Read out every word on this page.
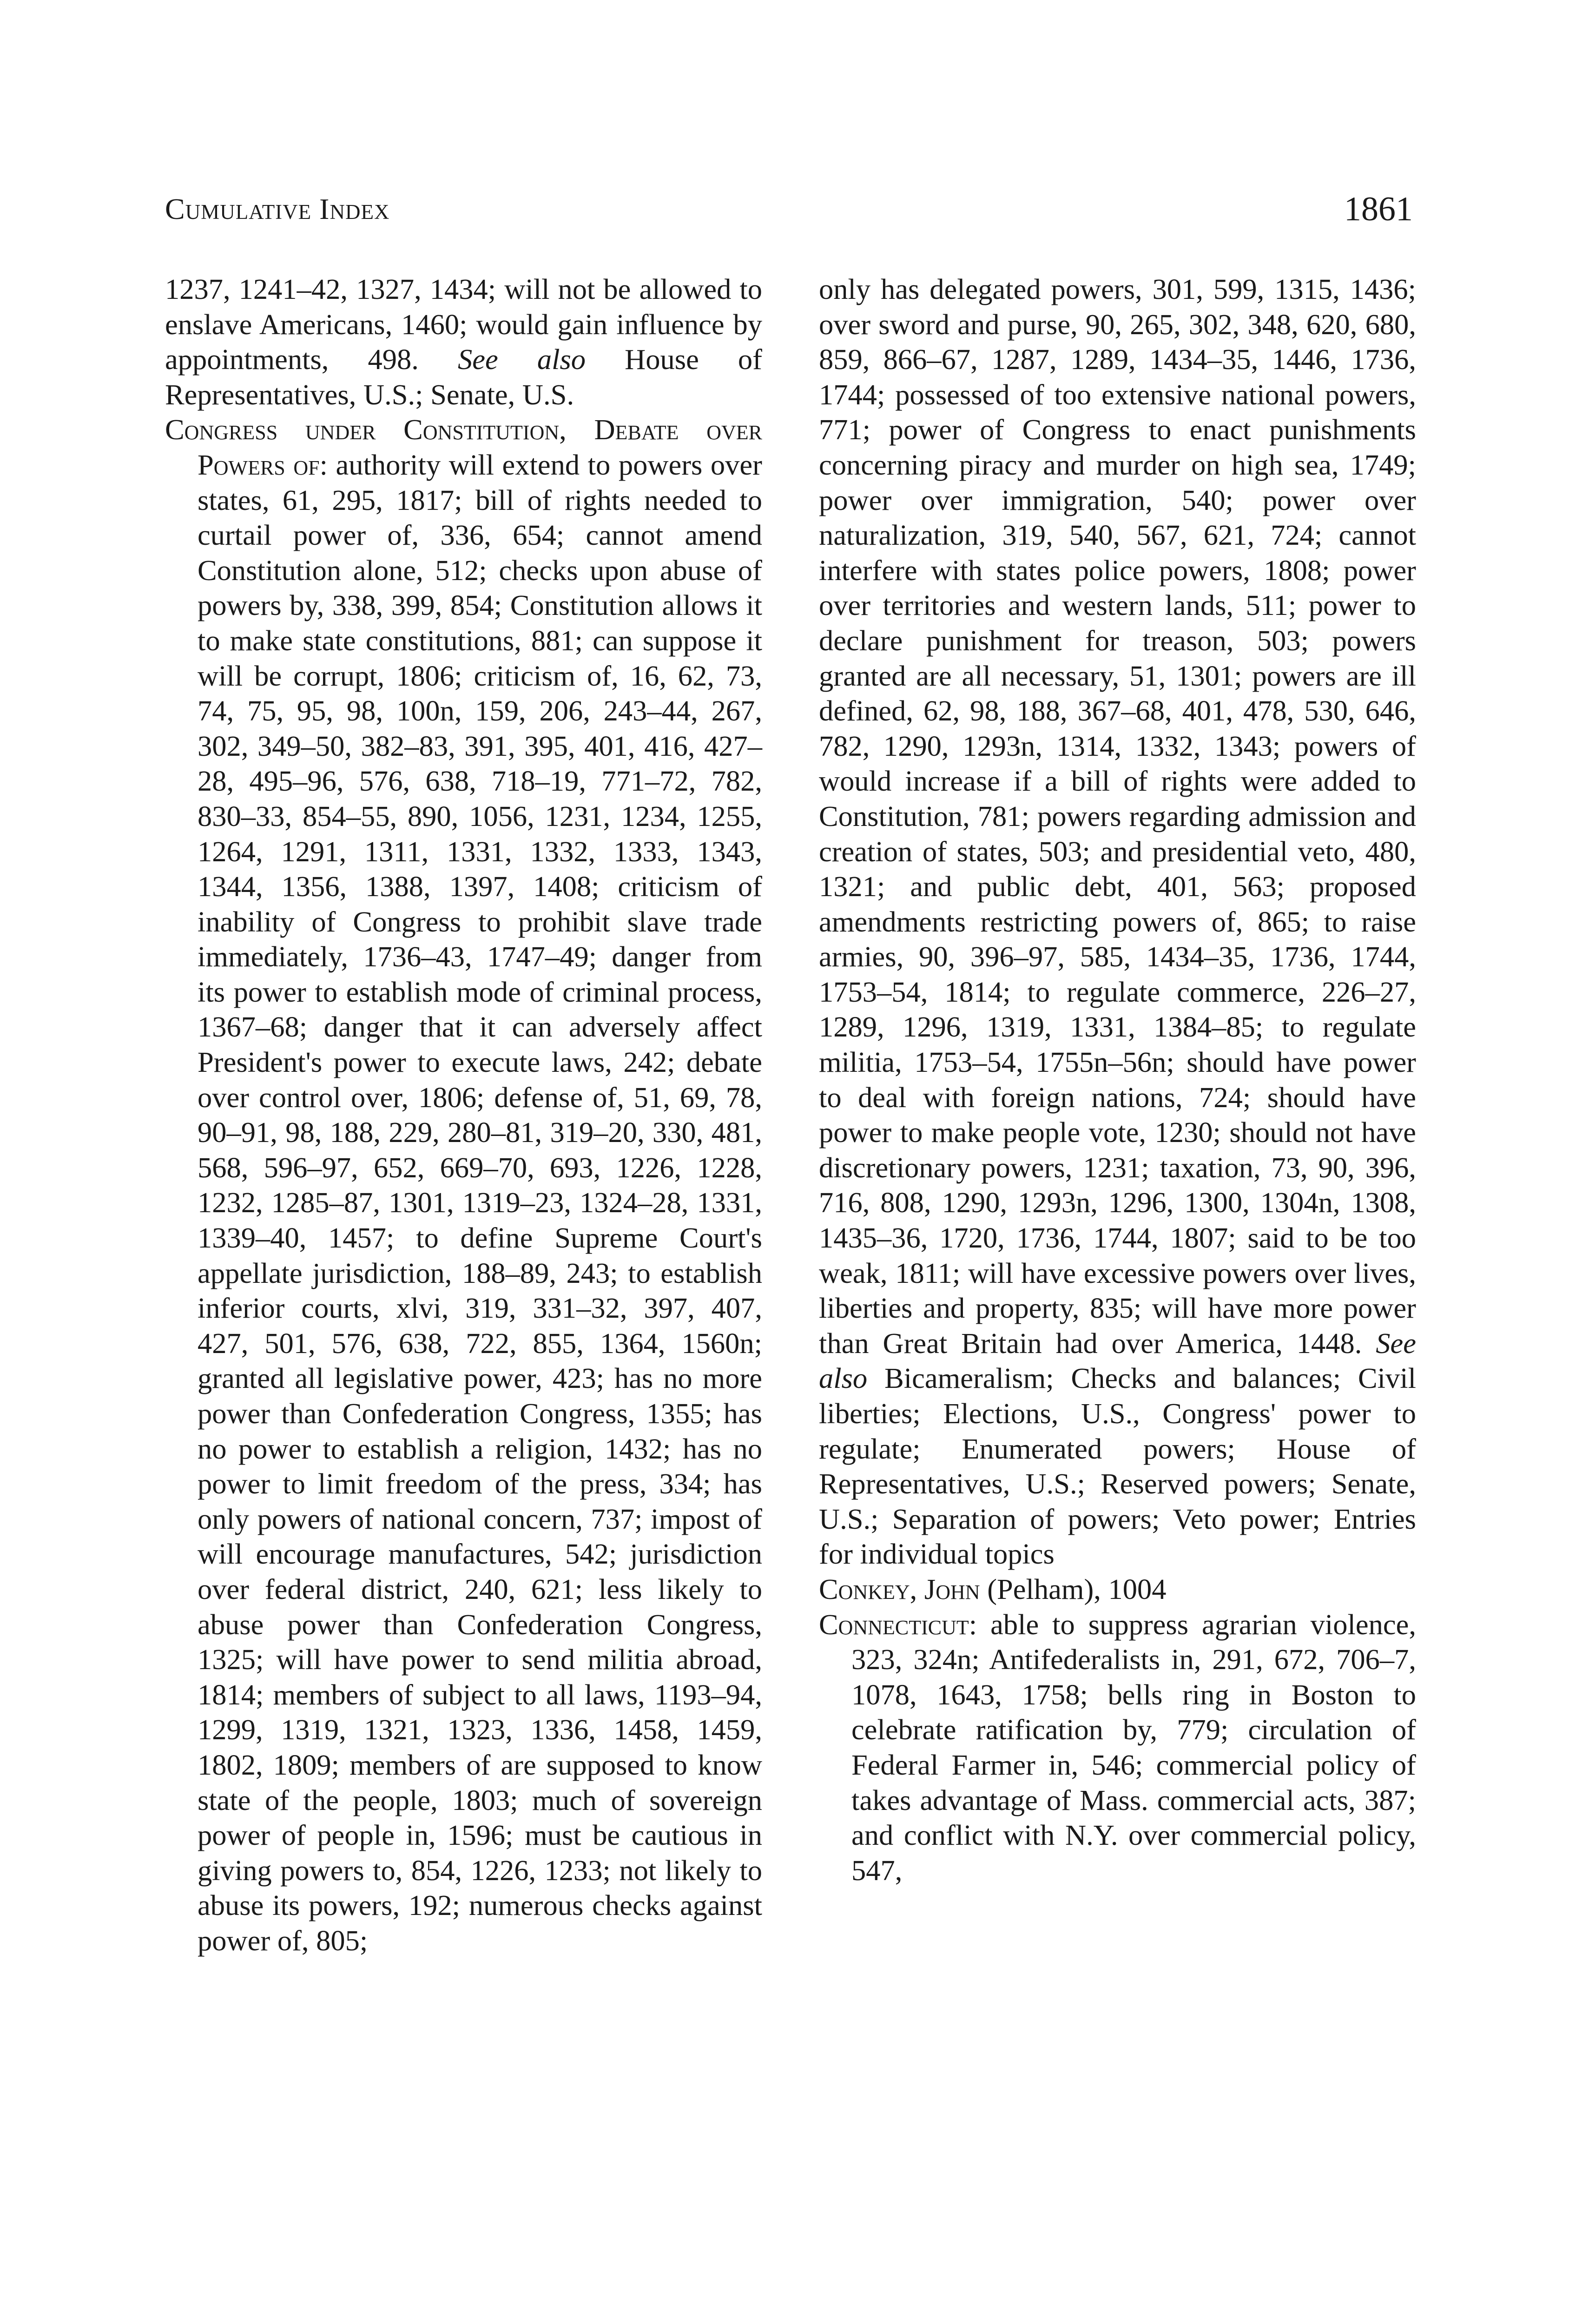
Cumulative Index	1861

1237, 1241–42, 1327, 1434; will not be allowed to enslave Americans, 1460; would gain influence by appointments, 498. See also House of Representatives, U.S.; Senate, U.S.

Congress under Constitution, Debate over Powers of: authority will extend to powers over states, 61, 295, 1817; bill of rights needed to curtail power of, 336, 654; cannot amend Constitution alone, 512; checks upon abuse of powers by, 338, 399, 854; Constitution allows it to make state constitutions, 881; can suppose it will be corrupt, 1806; criticism of, 16, 62, 73, 74, 75, 95, 98, 100n, 159, 206, 243–44, 267, 302, 349–50, 382–83, 391, 395, 401, 416, 427–28, 495–96, 576, 638, 718–19, 771–72, 782, 830–33, 854–55, 890, 1056, 1231, 1234, 1255, 1264, 1291, 1311, 1331, 1332, 1333, 1343, 1344, 1356, 1388, 1397, 1408; criticism of inability of Congress to prohibit slave trade immediately, 1736–43, 1747–49; danger from its power to establish mode of criminal process, 1367–68; danger that it can adversely affect President's power to execute laws, 242; debate over control over, 1806; defense of, 51, 69, 78, 90–91, 98, 188, 229, 280–81, 319–20, 330, 481, 568, 596–97, 652, 669–70, 693, 1226, 1228, 1232, 1285–87, 1301, 1319–23, 1324–28, 1331, 1339–40, 1457; to define Supreme Court's appellate jurisdiction, 188–89, 243; to establish inferior courts, xlvi, 319, 331–32, 397, 407, 427, 501, 576, 638, 722, 855, 1364, 1560n; granted all legislative power, 423; has no more power than Confederation Congress, 1355; has no power to establish a religion, 1432; has no power to limit freedom of the press, 334; has only powers of national concern, 737; impost of will encourage manufactures, 542; jurisdiction over federal district, 240, 621; less likely to abuse power than Confederation Congress, 1325; will have power to send militia abroad, 1814; members of subject to all laws, 1193–94, 1299, 1319, 1321, 1323, 1336, 1458, 1459, 1802, 1809; members of are supposed to know state of the people, 1803; much of sovereign power of people in, 1596; must be cautious in giving powers to, 854, 1226, 1233; not likely to abuse its powers, 192; numerous checks against power of, 805;

only has delegated powers, 301, 599, 1315, 1436; over sword and purse, 90, 265, 302, 348, 620, 680, 859, 866–67, 1287, 1289, 1434–35, 1446, 1736, 1744; possessed of too extensive national powers, 771; power of Congress to enact punishments concerning piracy and murder on high sea, 1749; power over immigration, 540; power over naturalization, 319, 540, 567, 621, 724; cannot interfere with states police powers, 1808; power over territories and western lands, 511; power to declare punishment for treason, 503; powers granted are all necessary, 51, 1301; powers are ill defined, 62, 98, 188, 367–68, 401, 478, 530, 646, 782, 1290, 1293n, 1314, 1332, 1343; powers of would increase if a bill of rights were added to Constitution, 781; powers regarding admission and creation of states, 503; and presidential veto, 480, 1321; and public debt, 401, 563; proposed amendments restricting powers of, 865; to raise armies, 90, 396–97, 585, 1434–35, 1736, 1744, 1753–54, 1814; to regulate commerce, 226–27, 1289, 1296, 1319, 1331, 1384–85; to regulate militia, 1753–54, 1755n–56n; should have power to deal with foreign nations, 724; should have power to make people vote, 1230; should not have discretionary powers, 1231; taxation, 73, 90, 396, 716, 808, 1290, 1293n, 1296, 1300, 1304n, 1308, 1435–36, 1720, 1736, 1744, 1807; said to be too weak, 1811; will have excessive powers over lives, liberties and property, 835; will have more power than Great Britain had over America, 1448. See also Bicameralism; Checks and balances; Civil liberties; Elections, U.S., Congress' power to regulate; Enumerated powers; House of Representatives, U.S.; Reserved powers; Senate, U.S.; Separation of powers; Veto power; Entries for individual topics

Conkey, John (Pelham), 1004

Connecticut: able to suppress agrarian violence, 323, 324n; Antifederalists in, 291, 672, 706–7, 1078, 1643, 1758; bells ring in Boston to celebrate ratification by, 779; circulation of Federal Farmer in, 546; commercial policy of takes advantage of Mass. commercial acts, 387; and conflict with N.Y. over commercial policy, 547,
